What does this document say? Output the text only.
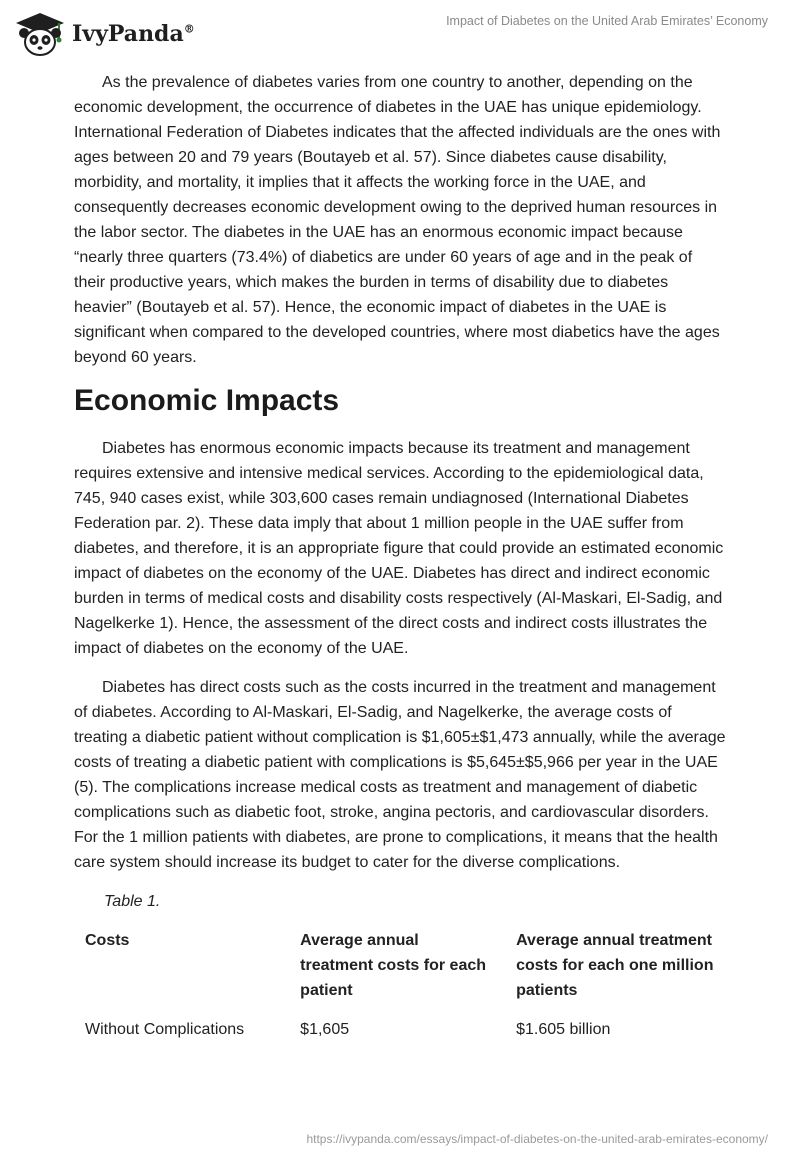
IvyPanda®
Impact of Diabetes on the United Arab Emirates’ Economy

As the prevalence of diabetes varies from one country to another, depending on the economic development, the occurrence of diabetes in the UAE has unique epidemiology. International Federation of Diabetes indicates that the affected individuals are the ones with ages between 20 and 79 years (Boutayeb et al. 57). Since diabetes cause disability, morbidity, and mortality, it implies that it affects the working force in the UAE, and consequently decreases economic development owing to the deprived human resources in the labor sector. The diabetes in the UAE has an enormous economic impact because “nearly three quarters (73.4%) of diabetics are under 60 years of age and in the peak of their productive years, which makes the burden in terms of disability due to diabetes heavier” (Boutayeb et al. 57). Hence, the economic impact of diabetes in the UAE is significant when compared to the developed countries, where most diabetics have the ages beyond 60 years.

Economic Impacts

Diabetes has enormous economic impacts because its treatment and management requires extensive and intensive medical services. According to the epidemiological data, 745, 940 cases exist, while 303,600 cases remain undiagnosed (International Diabetes Federation par. 2). These data imply that about 1 million people in the UAE suffer from diabetes, and therefore, it is an appropriate figure that could provide an estimated economic impact of diabetes on the economy of the UAE. Diabetes has direct and indirect economic burden in terms of medical costs and disability costs respectively (Al-Maskari, El-Sadig, and Nagelkerke 1). Hence, the assessment of the direct costs and indirect costs illustrates the impact of diabetes on the economy of the UAE.

Diabetes has direct costs such as the costs incurred in the treatment and management of diabetes. According to Al-Maskari, El-Sadig, and Nagelkerke, the average costs of treating a diabetic patient without complication is $1,605±$1,473 annually, while the average costs of treating a diabetic patient with complications is $5,645±$5,966 per year in the UAE (5). The complications increase medical costs as treatment and management of diabetic complications such as diabetic foot, stroke, angina pectoris, and cardiovascular disorders. For the 1 million patients with diabetes, are prone to complications, it means that the health care system should increase its budget to cater for the diverse complications.

Table 1.
Costs	Average annual treatment costs for each patient	Average annual treatment costs for each one million patients
Without Complications	$1,605	$1.605 billion
https://ivypanda.com/essays/impact-of-diabetes-on-the-united-arab-emirates-economy/
